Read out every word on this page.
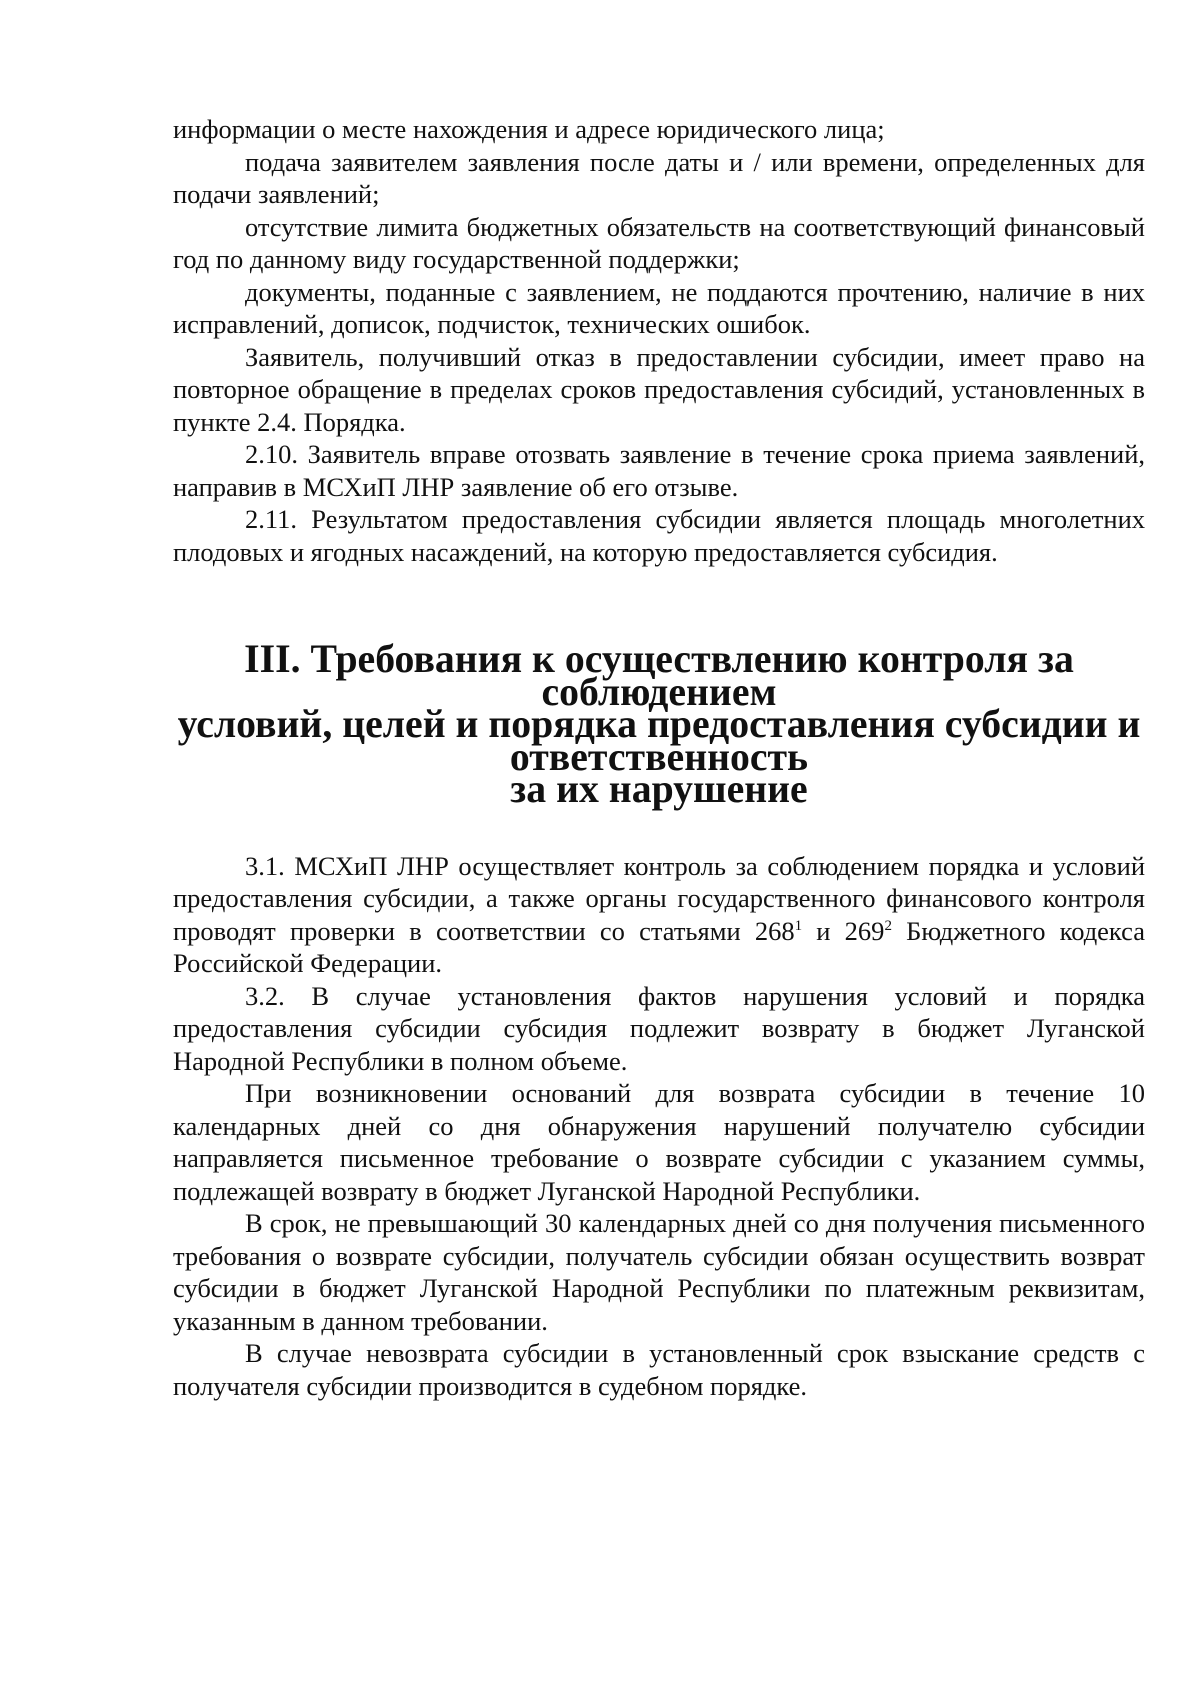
информации о месте нахождения и адресе юридического лица;

подача заявителем заявления после даты и / или времени, определенных для подачи заявлений;

отсутствие лимита бюджетных обязательств на соответствующий финансовый год по данному виду государственной поддержки;

документы, поданные с заявлением, не поддаются прочтению, наличие в них исправлений, дописок, подчисток, технических ошибок.

Заявитель, получивший отказ в предоставлении субсидии, имеет право на повторное обращение в пределах сроков предоставления субсидий, установленных в пункте 2.4. Порядка.

2.10. Заявитель вправе отозвать заявление в течение срока приема заявлений, направив в МСХиП ЛНР заявление об его отзыве.

2.11. Результатом предоставления субсидии является площадь многолетних плодовых и ягодных насаждений, на которую предоставляется субсидия.

III. Требования к осуществлению контроля за соблюдением
условий, целей и порядка предоставления субсидии и ответственность
за их нарушение

3.1. МСХиП ЛНР осуществляет контроль за соблюдением порядка и условий предоставления субсидии, а также органы государственного финансового контроля проводят проверки в соответствии со статьями $268^1$ и $269^2$ Бюджетного кодекса Российской Федерации.

3.2. В случае установления фактов нарушения условий и порядка предоставления субсидии субсидия подлежит возврату в бюджет Луганской Народной Республики в полном объеме.

При возникновении оснований для возврата субсидии в течение 10 календарных дней со дня обнаружения нарушений получателю субсидии направляется письменное требование о возврате субсидии с указанием суммы, подлежащей возврату в бюджет Луганской Народной Республики.

В срок, не превышающий 30 календарных дней со дня получения письменного требования о возврате субсидии, получатель субсидии обязан осуществить возврат субсидии в бюджет Луганской Народной Республики по платежным реквизитам, указанным в данном требовании.

В случае невозврата субсидии в установленный срок взыскание средств с получателя субсидии производится в судебном порядке.
